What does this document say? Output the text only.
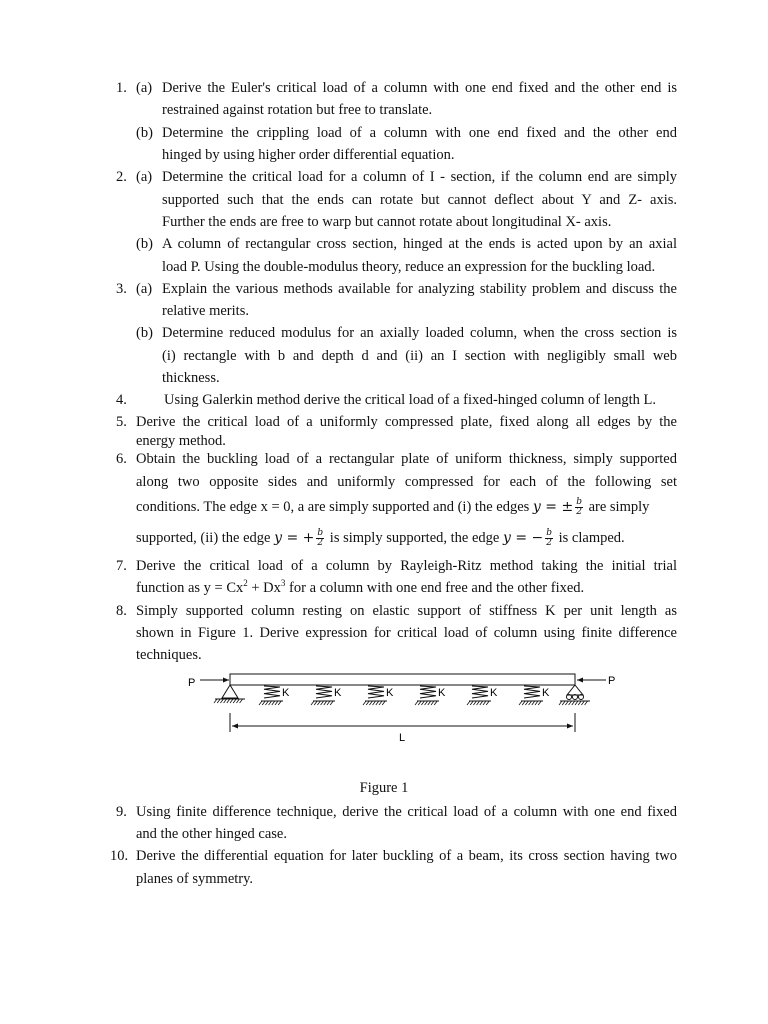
1. (a) Derive the Euler's critical load of a column with one end fixed and the other end is
restrained against rotation but free to translate.
(b) Determine the crippling load of a column with one end fixed and the other end
hinged by using higher order differential equation.
2. (a) Determine the critical load for a column of I - section, if the column end are simply
supported such that the ends can rotate but cannot deflect about Y and Z- axis.
Further the ends are free to warp but cannot rotate about longitudinal X- axis.
(b) A column of rectangular cross section, hinged at the ends is acted upon by an axial
load P. Using the double-modulus theory, reduce an expression for the buckling load.
3. (a) Explain the various methods available for analyzing stability problem and discuss the
relative merits.
(b) Determine reduced modulus for an axially loaded column, when the cross section is
(i) rectangle with b and depth d and (ii) an I section with negligibly small web
thickness.
4.	Using Galerkin method derive the critical load of a fixed-hinged column of length L.
5. Derive the critical load of a uniformly compressed plate, fixed along all edges by the
energy method.
6. Obtain the buckling load of a rectangular plate of uniform thickness, simply supported
along two opposite sides and uniformly compressed for each of the following set
conditions. The edge x = 0, a are simply supported and (i) the edges y = ± $\frac{b}{2}$ are simply
supported, (ii) the edge y = + $\frac{b}{2}$ is simply supported, the edge y = − $\frac{b}{2}$ is clamped.
7. Derive the critical load of a column by Rayleigh-Ritz method taking the initial trial
function as $y = Cx^2 + Dx^3$ for a column with one end free and the other fixed.
8. Simply supported column resting on elastic support of stiffness K per unit length as
shown in Figure 1. Derive expression for critical load of column using finite difference
techniques.
P	P
K	K	K	K	K	K
L
Figure 1
9. Using finite difference technique, derive the critical load of a column with one end fixed
and the other hinged case.
10. Derive the differential equation for later buckling of a beam, its cross section having two
planes of symmetry.
